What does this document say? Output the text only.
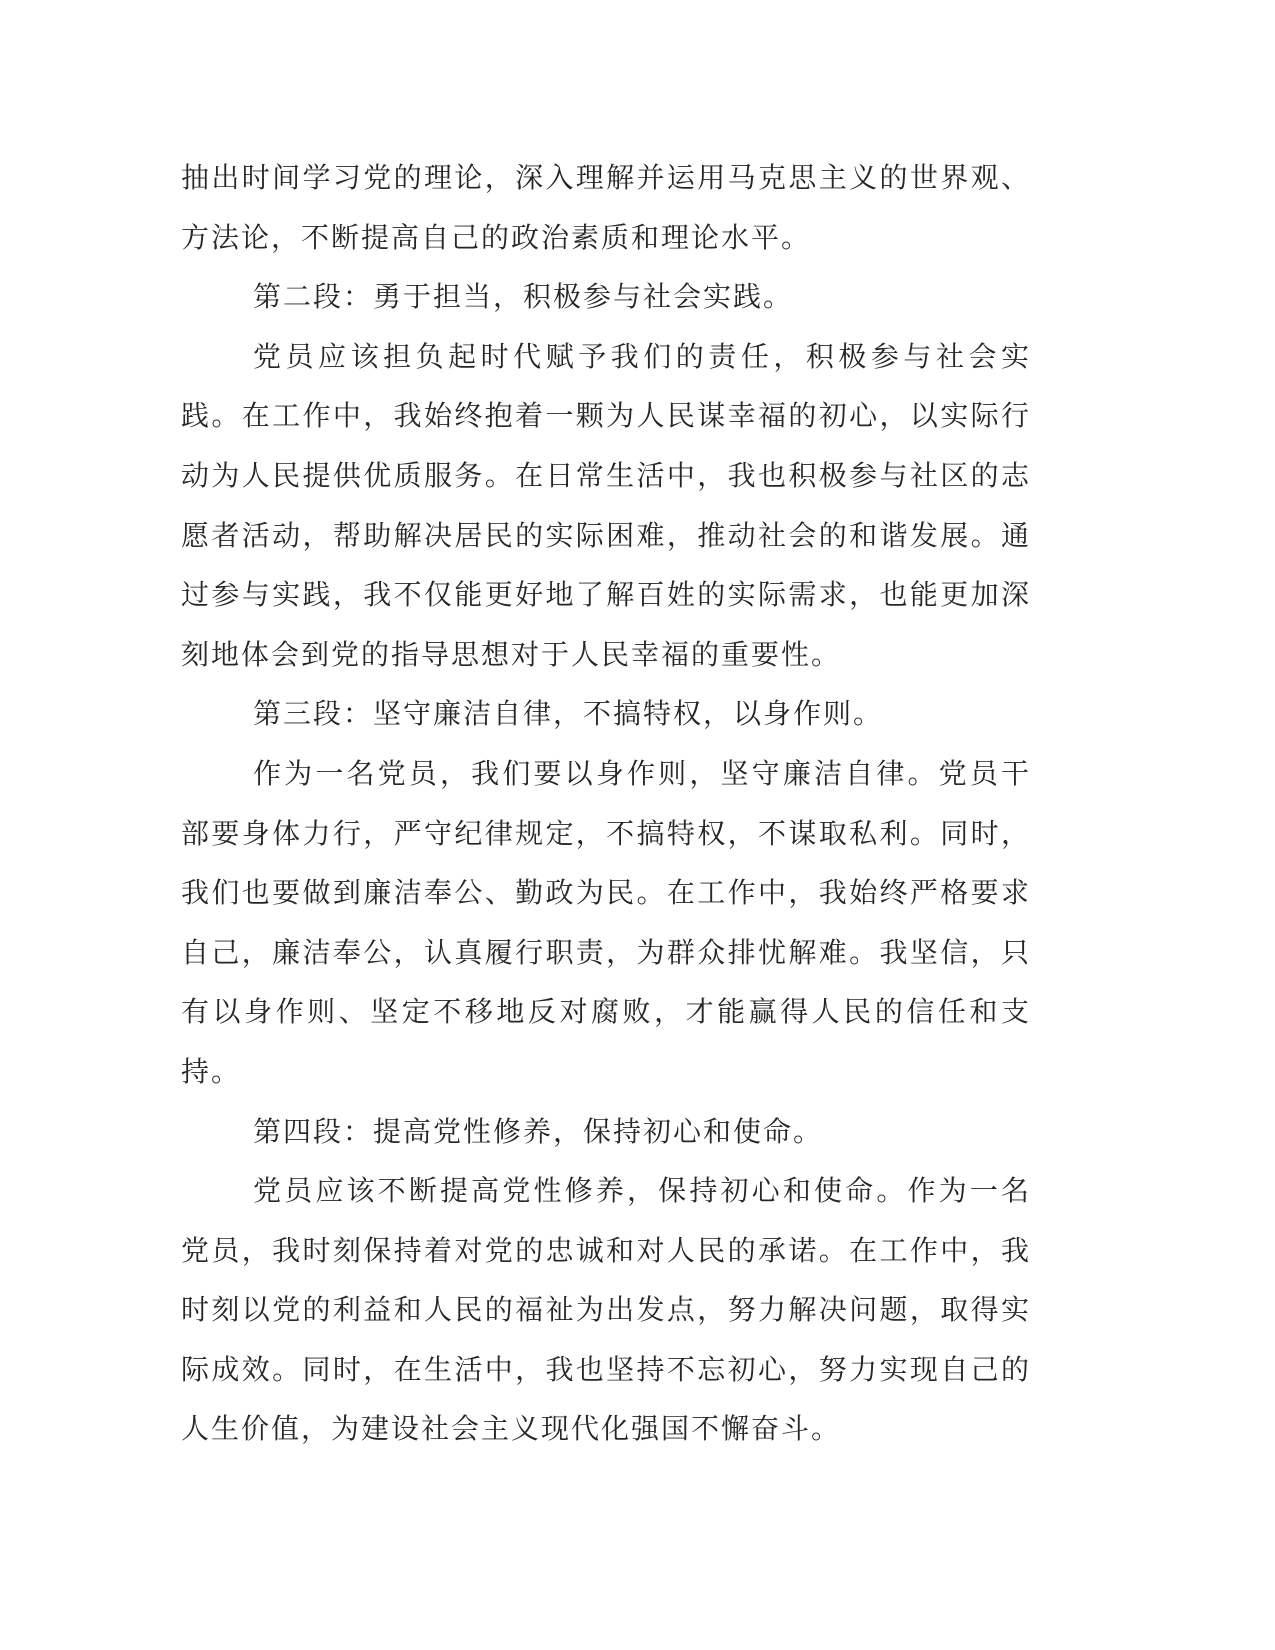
抽出时间学习党的理论，深入理解并运用马克思主义的世界观、方法论，不断提高自己的政治素质和理论水平。

第二段：勇于担当，积极参与社会实践。

党员应该担负起时代赋予我们的责任，积极参与社会实践。在工作中，我始终抱着一颗为人民谋幸福的初心，以实际行动为人民提供优质服务。在日常生活中，我也积极参与社区的志愿者活动，帮助解决居民的实际困难，推动社会的和谐发展。通过参与实践，我不仅能更好地了解百姓的实际需求，也能更加深刻地体会到党的指导思想对于人民幸福的重要性。

第三段：坚守廉洁自律，不搞特权，以身作则。

作为一名党员，我们要以身作则，坚守廉洁自律。党员干部要身体力行，严守纪律规定，不搞特权，不谋取私利。同时，我们也要做到廉洁奉公、勤政为民。在工作中，我始终严格要求自己，廉洁奉公，认真履行职责，为群众排忧解难。我坚信，只有以身作则、坚定不移地反对腐败，才能赢得人民的信任和支持。

第四段：提高党性修养，保持初心和使命。

党员应该不断提高党性修养，保持初心和使命。作为一名党员，我时刻保持着对党的忠诚和对人民的承诺。在工作中，我时刻以党的利益和人民的福祉为出发点，努力解决问题，取得实际成效。同时，在生活中，我也坚持不忘初心，努力实现自己的人生价值，为建设社会主义现代化强国不懈奋斗。
